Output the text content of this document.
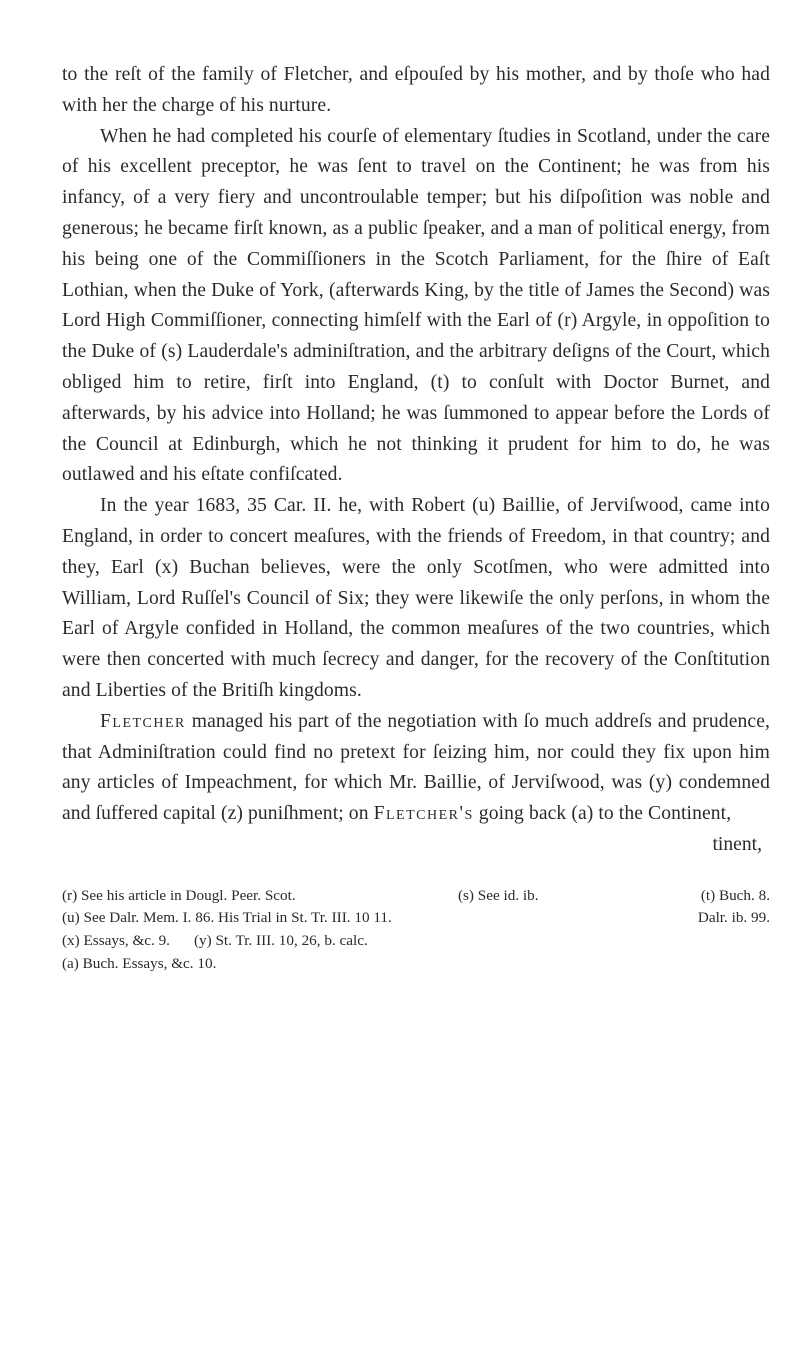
to the reſt of the family of Fletcher, and eſpouſed by his mother, and by thoſe who had with her the charge of his nurture.

When he had completed his courſe of elementary ſtudies in Scotland, under the care of his excellent preceptor, he was ſent to travel on the Continent; he was from his infancy, of a very fiery and uncontroulable temper; but his diſpoſition was noble and generous; he became firſt known, as a public ſpeaker, and a man of political energy, from his being one of the Commiſſioners in the Scotch Parliament, for the ſhire of Eaſt Lothian, when the Duke of York, (afterwards King, by the title of James the Second) was Lord High Commiſſioner, connecting himſelf with the Earl of (r) Argyle, in oppoſition to the Duke of (s) Lauderdale's adminiſtration, and the arbitrary deſigns of the Court, which obliged him to retire, firſt into England, (t) to conſult with Doctor Burnet, and afterwards, by his advice into Holland; he was ſummoned to appear before the Lords of the Council at Edinburgh, which he not thinking it prudent for him to do, he was outlawed and his eſtate confiſcated.

In the year 1683, 35 Car. II. he, with Robert (u) Baillie, of Jerviſwood, came into England, in order to concert meaſures, with the friends of Freedom, in that country; and they, Earl (x) Buchan believes, were the only Scotſmen, who were admitted into William, Lord Ruſſel's Council of Six; they were likewiſe the only perſons, in whom the Earl of Argyle confided in Holland, the common meaſures of the two countries, which were then concerted with much ſecrecy and danger, for the recovery of the Conſtitution and Liberties of the Britiſh kingdoms.

Fletcher managed his part of the negotiation with ſo much addreſs and prudence, that Adminiſtration could find no pretext for ſeizing him, nor could they fix upon him any articles of Impeachment, for which Mr. Baillie, of Jerviſwood, was (y) condemned and ſuffered capital (z) puniſhment; on Fletcher's going back (a) to the Continent,

tinent,
(r) See his article in Dougl. Peer. Scot.	(s) See id. ib.	(t) Buch. 8.
(u) See Dalr. Mem. I. 86. His Trial in St. Tr. III. 10 11.	Dalr. ib. 99.
(x) Essays, &c. 9. (y) St. Tr. III. 10, 26, b. calc.
(a) Buch. Essays, &c. 10.
